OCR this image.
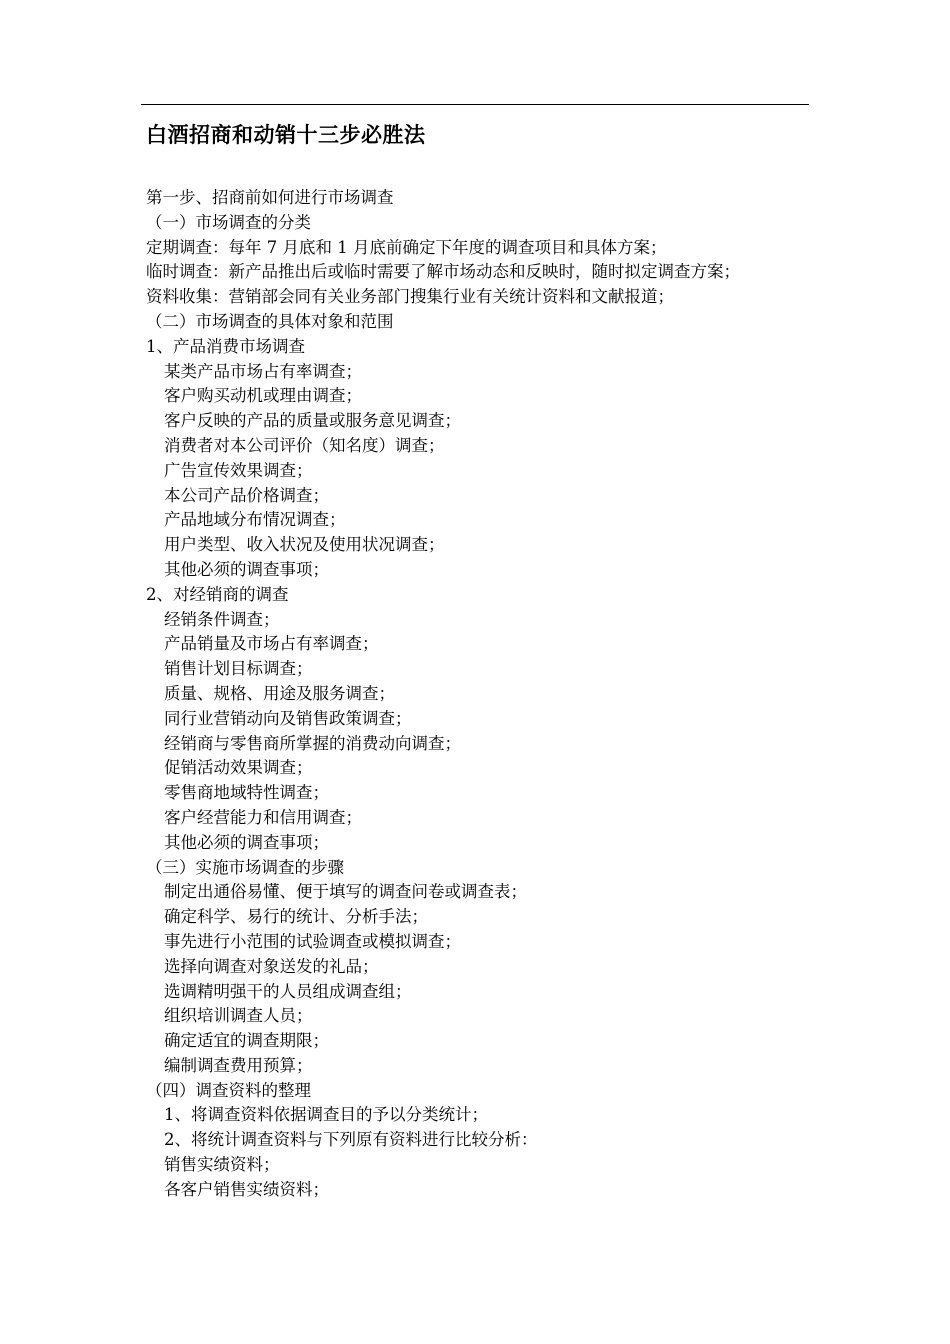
白酒招商和动销十三步必胜法
第一步、招商前如何进行市场调查
（一）市场调查的分类
定期调查：每年 7 月底和 1 月底前确定下年度的调查项目和具体方案；
临时调查：新产品推出后或临时需要了解市场动态和反映时，随时拟定调查方案；
资料收集：营销部会同有关业务部门搜集行业有关统计资料和文献报道；
（二）市场调查的具体对象和范围
1、产品消费市场调查
某类产品市场占有率调查；
客户购买动机或理由调查；
客户反映的产品的质量或服务意见调查；
消费者对本公司评价（知名度）调查；
广告宣传效果调查；
本公司产品价格调查；
产品地域分布情况调查；
用户类型、收入状况及使用状况调查；
其他必须的调查事项；
2、对经销商的调查
经销条件调查；
产品销量及市场占有率调查；
销售计划目标调查；
质量、规格、用途及服务调查；
同行业营销动向及销售政策调查；
经销商与零售商所掌握的消费动向调查；
促销活动效果调查；
零售商地域特性调查；
客户经营能力和信用调查；
其他必须的调查事项；
（三）实施市场调查的步骤
制定出通俗易懂、便于填写的调查问卷或调查表；
确定科学、易行的统计、分析手法；
事先进行小范围的试验调查或模拟调查；
选择向调查对象送发的礼品；
选调精明强干的人员组成调查组；
组织培训调查人员；
确定适宜的调查期限；
编制调查费用预算；
（四）调查资料的整理
1、将调查资料依据调查目的予以分类统计；
2、将统计调查资料与下列原有资料进行比较分析：
销售实绩资料；
各客户销售实绩资料；
